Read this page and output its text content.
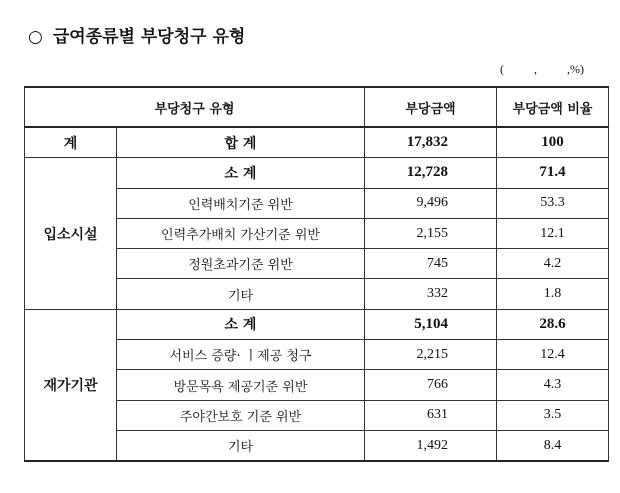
○ 급여종류별 부당청구 유형
(          ,          ,%)
부당청구 유형		부당금액	부당금액 비율
계	합 계	17,832	100
입소시설	소 계	12,728	71.4
	인력배치기준 위반	9,496	53.3
	인력추가배치 가산기준 위반	2,155	12.1
	정원초과기준 위반	745	4.2
	기타	332	1.8
재가기관	소 계	5,104	28.6
	서비스 증량· ㅣ제공 청구	2,215	12.4
	방문목욕 제공기준 위반	766	4.3
	주야간보호 기준 위반	631	3.5
	기타	1,492	8.4
